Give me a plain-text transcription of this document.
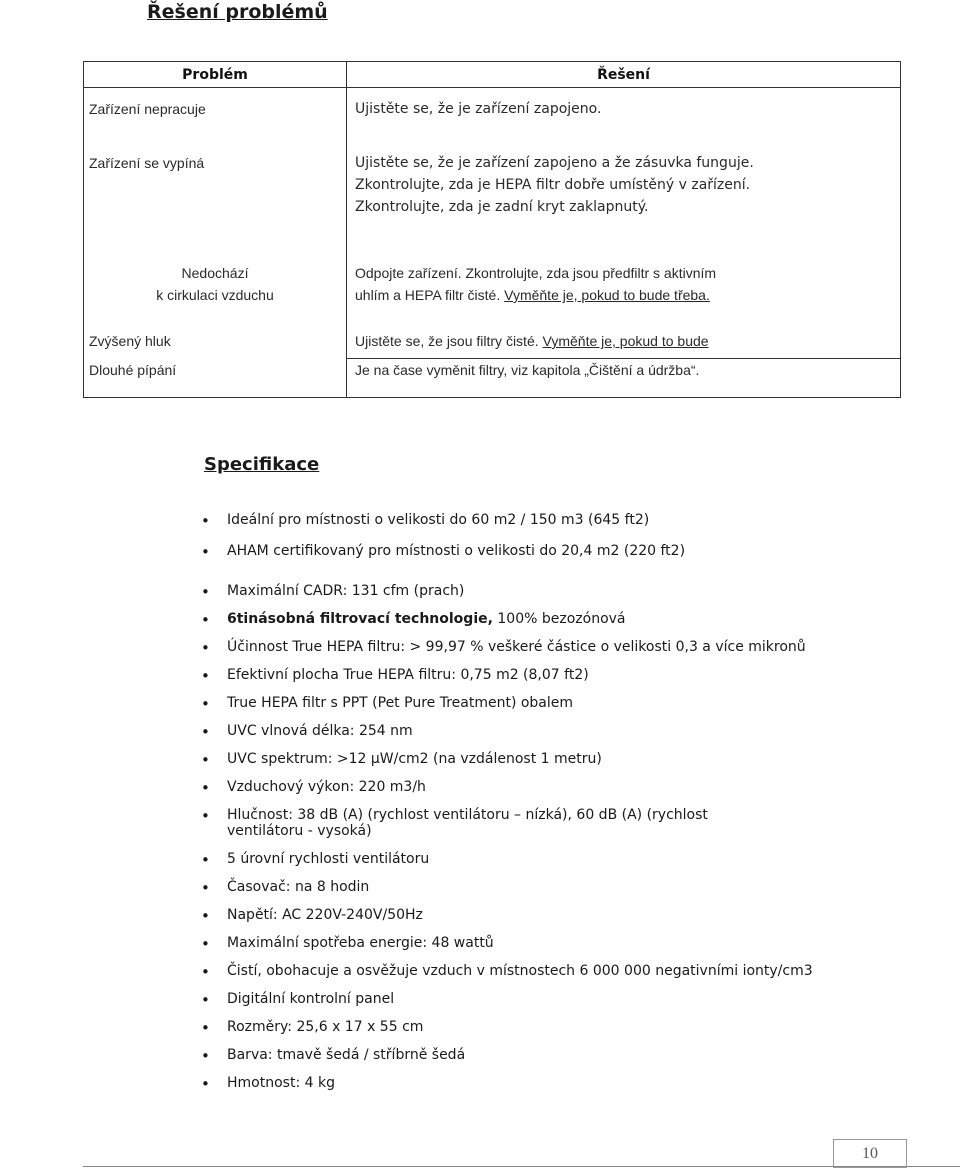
Řešení problémů
Problém	Řešení

Zařízení nepracuje	Ujistěte se, že je zařízení zapojeno.

Zařízení se vypíná	Ujistěte se, že je zařízení zapojeno a že zásuvka funguje.
Zkontrolujte, zda je HEPA filtr dobře umístěný v zařízení.
Zkontrolujte, zda je zadní kryt zaklapnutý.

Nedochází
k cirkulaci vzduchu	Odpojte zařízení. Zkontrolujte, zda jsou předfiltr s aktivním
uhlím a HEPA filtr čisté. Vyměňte je, pokud to bude třeba.

Zvýšený hluk	Ujistěte se, že jsou filtry čisté. Vyměňte je, pokud to bude

Dlouhé pípání	Je na čase vyměnit filtry, viz kapitola „Čištění a údržba“.
Specifikace
• Ideální pro místnosti o velikosti do 60 m2 / 150 m3 (645 ft2)
• AHAM certifikovaný pro místnosti o velikosti do 20,4 m2 (220 ft2)
• Maximální CADR: 131 cfm (prach)
• 6tinásobná filtrovací technologie, 100% bezozónová
• Účinnost True HEPA filtru: > 99,97 % veškeré částice o velikosti 0,3 a více mikronů
• Efektivní plocha True HEPA filtru: 0,75 m2 (8,07 ft2)
• True HEPA filtr s PPT (Pet Pure Treatment) obalem
• UVC vlnová délka: 254 nm
• UVC spektrum: >12 μW/cm2 (na vzdálenost 1 metru)
• Vzduchový výkon: 220 m3/h
• Hlučnost: 38 dB (A) (rychlost ventilátoru – nízká), 60 dB (A) (rychlost ventilátoru - vysoká)
• 5 úrovní rychlosti ventilátoru
• Časovač: na 8 hodin
• Napětí: AC 220V-240V/50Hz
• Maximální spotřeba energie: 48 wattů
• Čistí, obohacuje a osvěžuje vzduch v místnostech 6 000 000 negativními ionty/cm3
• Digitální kontrolní panel
• Rozměry: 25,6 x 17 x 55 cm
• Barva: tmavě šedá / stříbrně šedá
• Hmotnost: 4 kg
10
